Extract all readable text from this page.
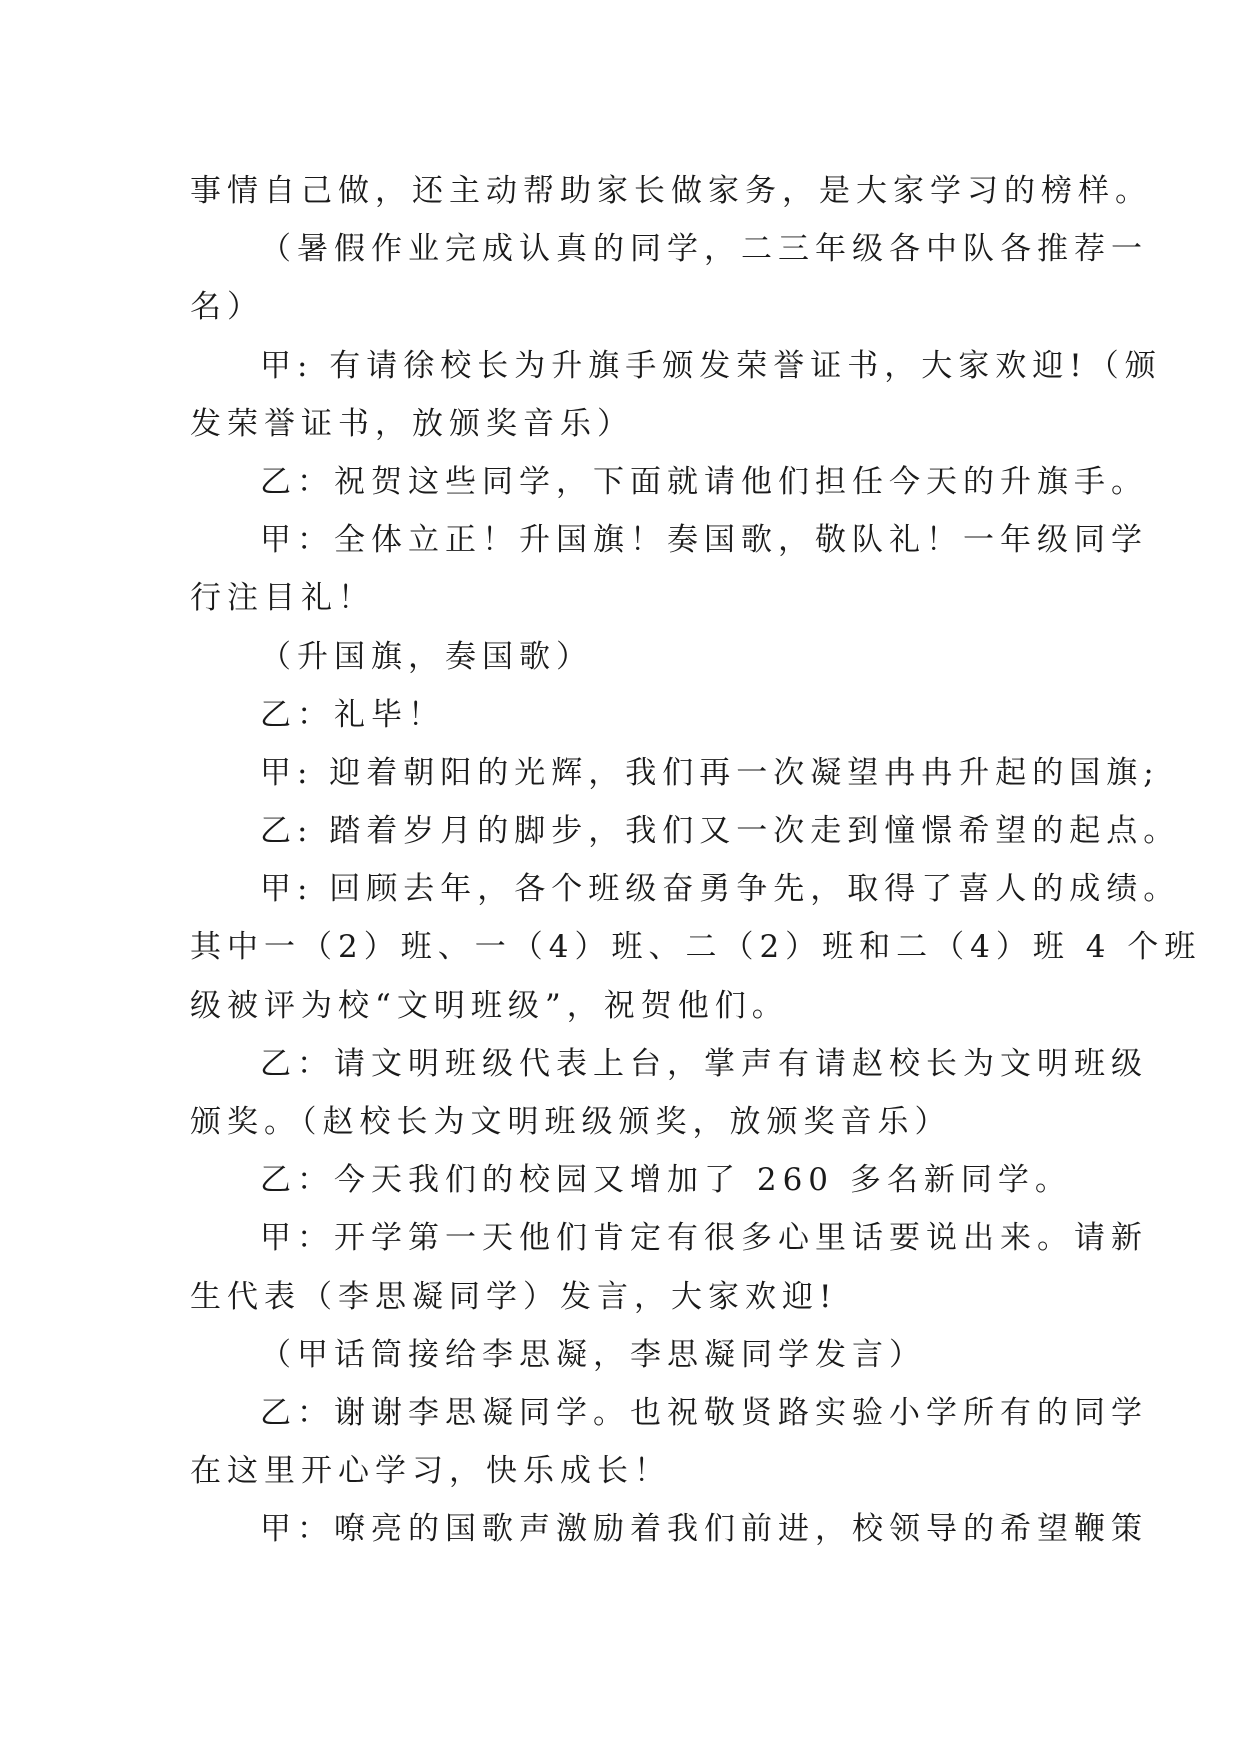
事情自己做，还主动帮助家长做家务，是大家学习的榜样。
（暑假作业完成认真的同学，二三年级各中队各推荐一
名）
甲: 有请徐校长为升旗手颁发荣誉证书，大家欢迎!（颁
发荣誉证书，放颁奖音乐）
乙：祝贺这些同学，下面就请他们担任今天的升旗手。
甲：全体立正！升国旗！奏国歌，敬队礼！一年级同学
行注目礼！
（升国旗，奏国歌）
乙：礼毕！
甲: 迎着朝阳的光辉，我们再一次凝望冉冉升起的国旗;
乙: 踏着岁月的脚步，我们又一次走到憧憬希望的起点。
甲: 回顾去年，各个班级奋勇争先，取得了喜人的成绩。
其中一（2）班、一（4）班、二（2）班和二（4）班 4 个班
级被评为校“文明班级”，祝贺他们。
乙：请文明班级代表上台，掌声有请赵校长为文明班级
颁奖。（赵校长为文明班级颁奖，放颁奖音乐）
乙：今天我们的校园又增加了 260 多名新同学。
甲：开学第一天他们肯定有很多心里话要说出来。请新
生代表（李思凝同学）发言，大家欢迎!
（甲话筒接给李思凝，李思凝同学发言）
乙：谢谢李思凝同学。也祝敬贤路实验小学所有的同学
在这里开心学习，快乐成长！
甲：嘹亮的国歌声激励着我们前进，校领导的希望鞭策
